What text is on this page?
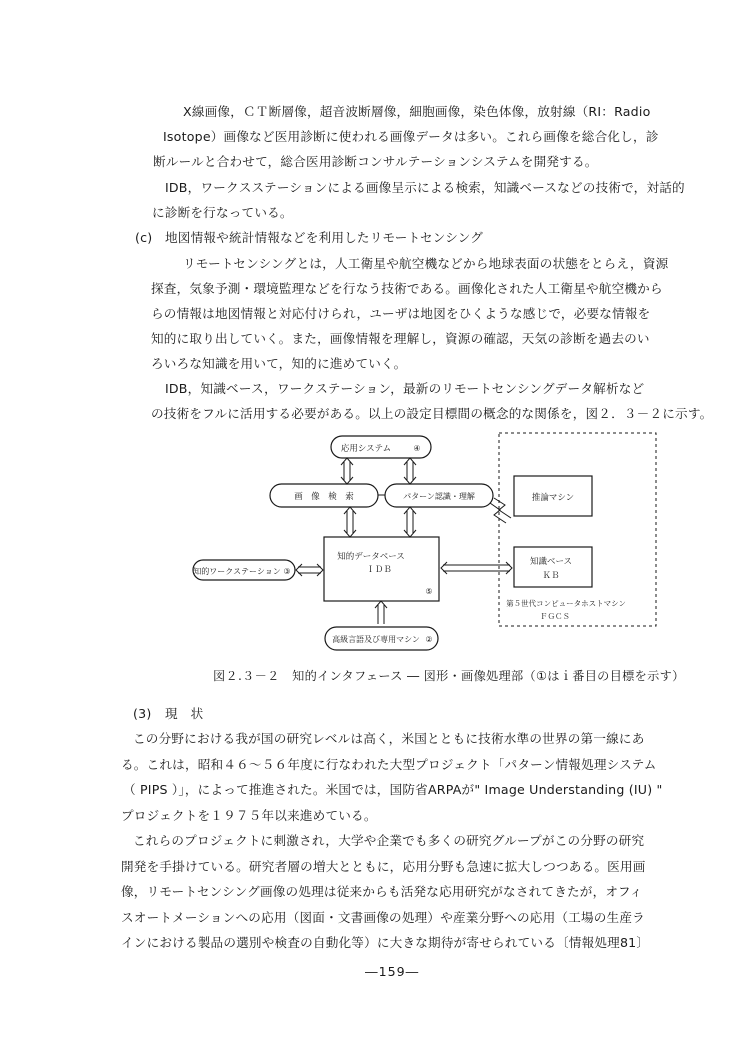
X線画像，ＣＴ断層像，超音波断層像，細胞画像，染色体像，放射線（RI：Radio
Isotope）画像など医用診断に使われる画像データは多い。これら画像を総合化し，診
断ルールと合わせて，総合医用診断コンサルテーションシステムを開発する。
IDB，ワークスステーションによる画像呈示による検索，知識ベースなどの技術で，対話的
に診断を行なっている。
(c) 地図情報や統計情報などを利用したリモートセンシング
リモートセンシングとは，人工衛星や航空機などから地球表面の状態をとらえ，資源
探査，気象予測・環境監理などを行なう技術である。画像化された人工衛星や航空機から
らの情報は地図情報と対応付けられ，ユーザは地図をひくような感じで，必要な情報を
知的に取り出していく。また，画像情報を理解し，資源の確認，天気の診断を過去のい
ろいろな知識を用いて，知的に進めていく。
IDB，知識ベース，ワークステーション，最新のリモートセンシングデータ解析など
の技術をフルに活用する必要がある。以上の設定目標間の概念的な関係を，図２．３－２に示す。
応用システム	④
画　像　検　索	パターン認識・理解
知的データベース
ＩＤＢ
⑤
知的ワークステーション ③
高級言語及び専用マシン ②
推論マシン
知識ベース
ＫＢ
第５世代コンピュータホストマシン
ＦＧＣＳ
図２.３－２　知的インタフェース ― 図形・画像処理部（①はｉ番目の目標を示す）
(3) 現　状
この分野における我が国の研究レベルは高く，米国とともに技術水準の世界の第一線にあ
る。これは，昭和４６～５６年度に行なわれた大型プロジェクト「パターン情報処理システム
（ PIPS ）」，によって推進された。米国では，国防省ARPAが" Image Understanding (IU) "
プロジェクトを１９７５年以来進めている。
これらのプロジェクトに刺激され，大学や企業でも多くの研究グループがこの分野の研究
開発を手掛けている。研究者層の増大とともに，応用分野も急速に拡大しつつある。医用画
像，リモートセンシング画像の処理は従来からも活発な応用研究がなされてきたが，オフィ
スオートメーションへの応用（図面・文書画像の処理）や産業分野への応用（工場の生産ラ
インにおける製品の選別や検査の自動化等）に大きな期待が寄せられている〔情報処理81〕
―159―
